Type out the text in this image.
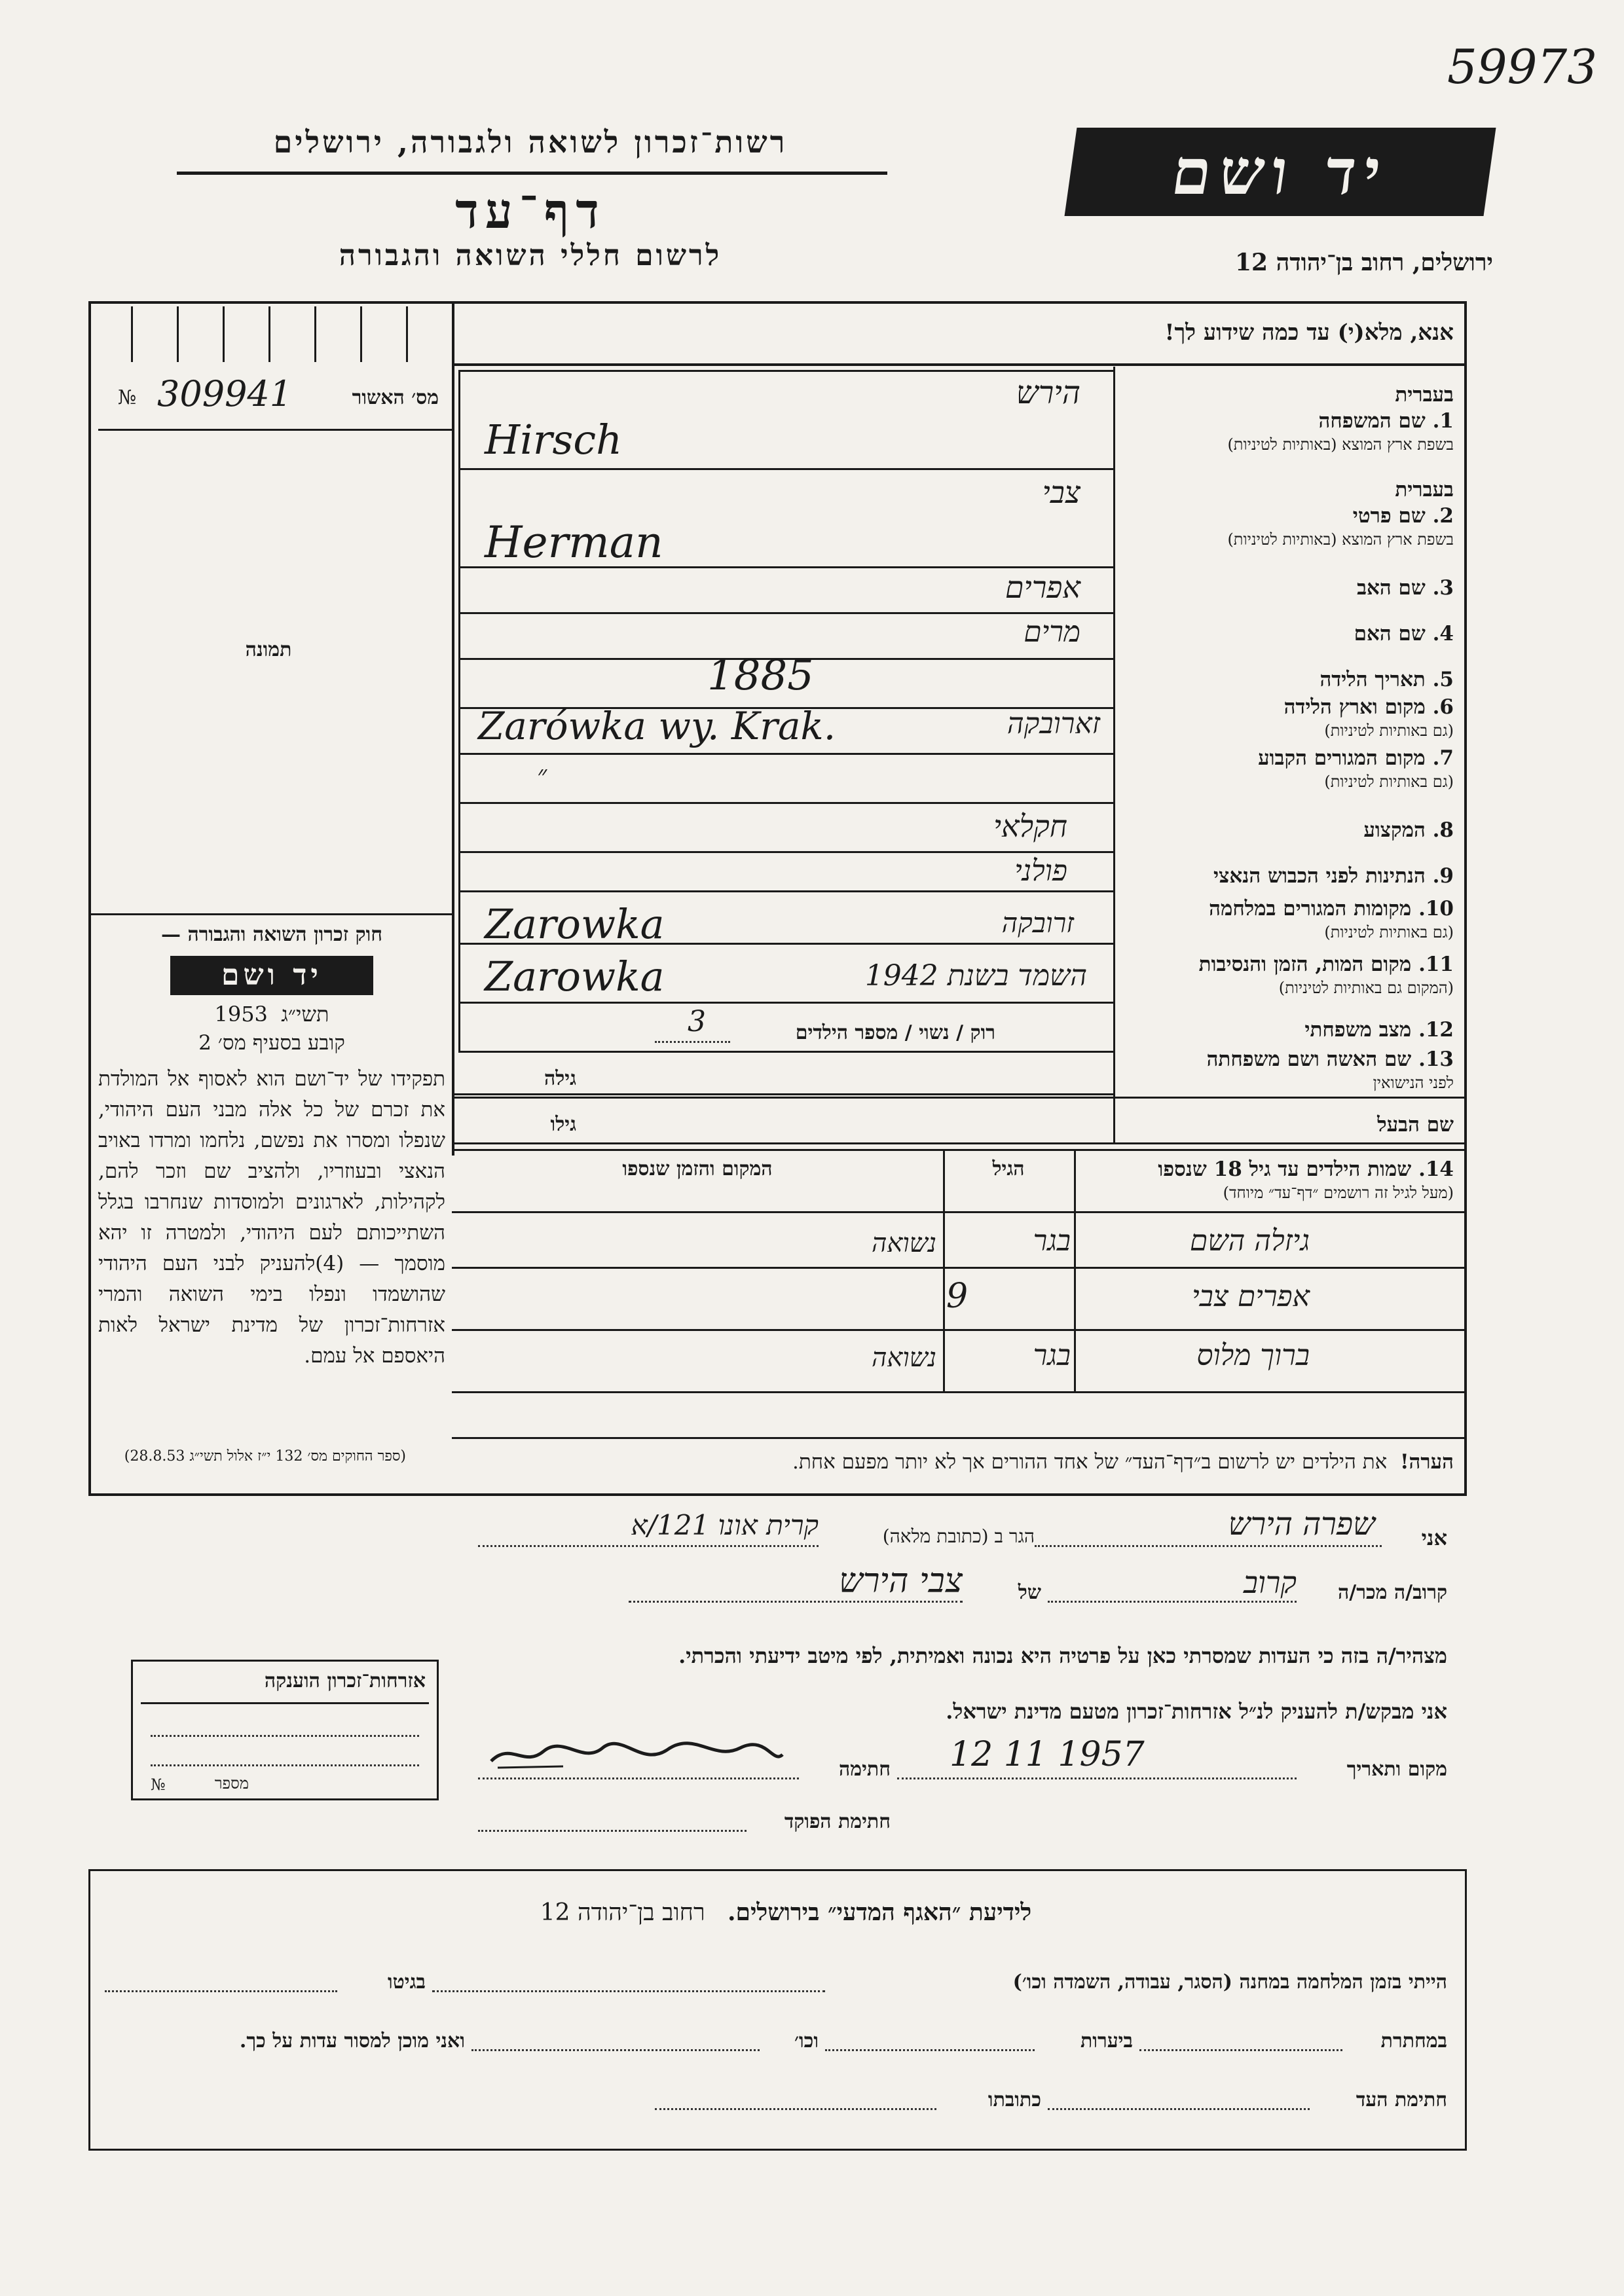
59973
רשות־זכרון לשואה ולגבורה, ירושלים
דף־עד
לרשום חללי השואה והגבורה
יד ושם
ירושלים, רחוב בן־יהודה 12
אנא, מלא(י) עד כמה שידוע לך!
№ 309941	מס׳ האשור
תמונה
בעברית
1. שם המשפחה
בשפת ארץ המוצא (באותיות לטיניות)
הירש
Hirsch
בעברית
2. שם פרטי
בשפת ארץ המוצא (באותיות לטיניות)
צבי
Herman
3. שם האב
אפרים
4. שם האם
מרים
5. תאריך הלידה
1885
6. מקום וארץ הלידה
(גם באותיות לטיניות)
זארובקה
Zarówka wy. Krak.
7. מקום המגורים הקבוע
(גם באותיות לטיניות)
״
8. המקצוע
חקלאי
9. הנתינות לפני הכבוש הנאצי
פולני
10. מקומות המגורים במלחמה
(גם באותיות לטיניות)
זרובקה
Zarowka
11. מקום המות, הזמן והנסיבות
(המקום גם באותיות לטיניות)
השמד בשנת 1942
Zarowka
12. מצב משפחתי
רוק / נשוי / מספר הילדים
3
13. שם האשה ושם משפחתה
לפני הנישואין
גילה
שם הבעל
גילו
14. שמות הילדים עד גיל 18 שנספו
(מעל לגיל זה רושמים ״דף־עד״ מיוחד)
הגיל
המקום והזמן שנספו
גיזלה השם
בגר
נשואה
אפרים צבי
9
ברוך מלוס
בגר
נשואה
הערה!  את הילדים יש לרשום ב״דף־העד״ של אחד ההורים אך לא יותר מפעם אחת.
חוק זכרון השואה והגבורה —
יד ושם
תשי״ג  1953
קובע בסעיף מס׳ 2
תפקידו של יד־ושם הוא לאסוף אל המולדת את זכרם של כל אלה מבני העם היהודי, שנפלו ומסרו את נפשם, נלחמו ומרדו באויב הנאצי ובעוזריו, ולהציב שם וזכר להם, לקהילות, לארגונים ולמוסדות שנחרבו בגלל השתייכותם לעם היהודי, ולמטרה זו יהא מוסמך — (4)להעניק לבני העם היהודי שהושמדו ונפלו בימי השואה והמרי אזרחות־זכרון של מדינת ישראל לאות היאספם אל עמם.
(ספר החוקים מס׳ 132 י״ז אלול תשי״ג 28.8.53)
אני
שפרה הירש
הגר ב (כתובת מלאה)
קרית אונו 121/א
קרוב/ה מכר/ה
קרוב
של
צבי הירש
מצהיר/ה בזה כי העדות שמסרתי כאן על פרטיה היא נכונה ואמיתית, לפי מיטב ידיעתי והכרתי.
אני מבקש/ת להעניק לנ״ל אזרחות־זכרון מטעם מדינת ישראל.
מקום ותאריך
12 11 1957
חתימה
חתימת הפוקד
אזרחות־זכרון הוענקה
מספר
№
לידיעת ״האגף המדעי״ בירושלים.   רחוב בן־יהודה 12
הייתי בזמן המלחמה במחנה (הסגר, עבודה, השמדה וכו׳)
בגיטו
במחתרת
ביערות
וכו׳
ואני מוכן למסור עדות על כך.
חתימת העד
כתובתו
